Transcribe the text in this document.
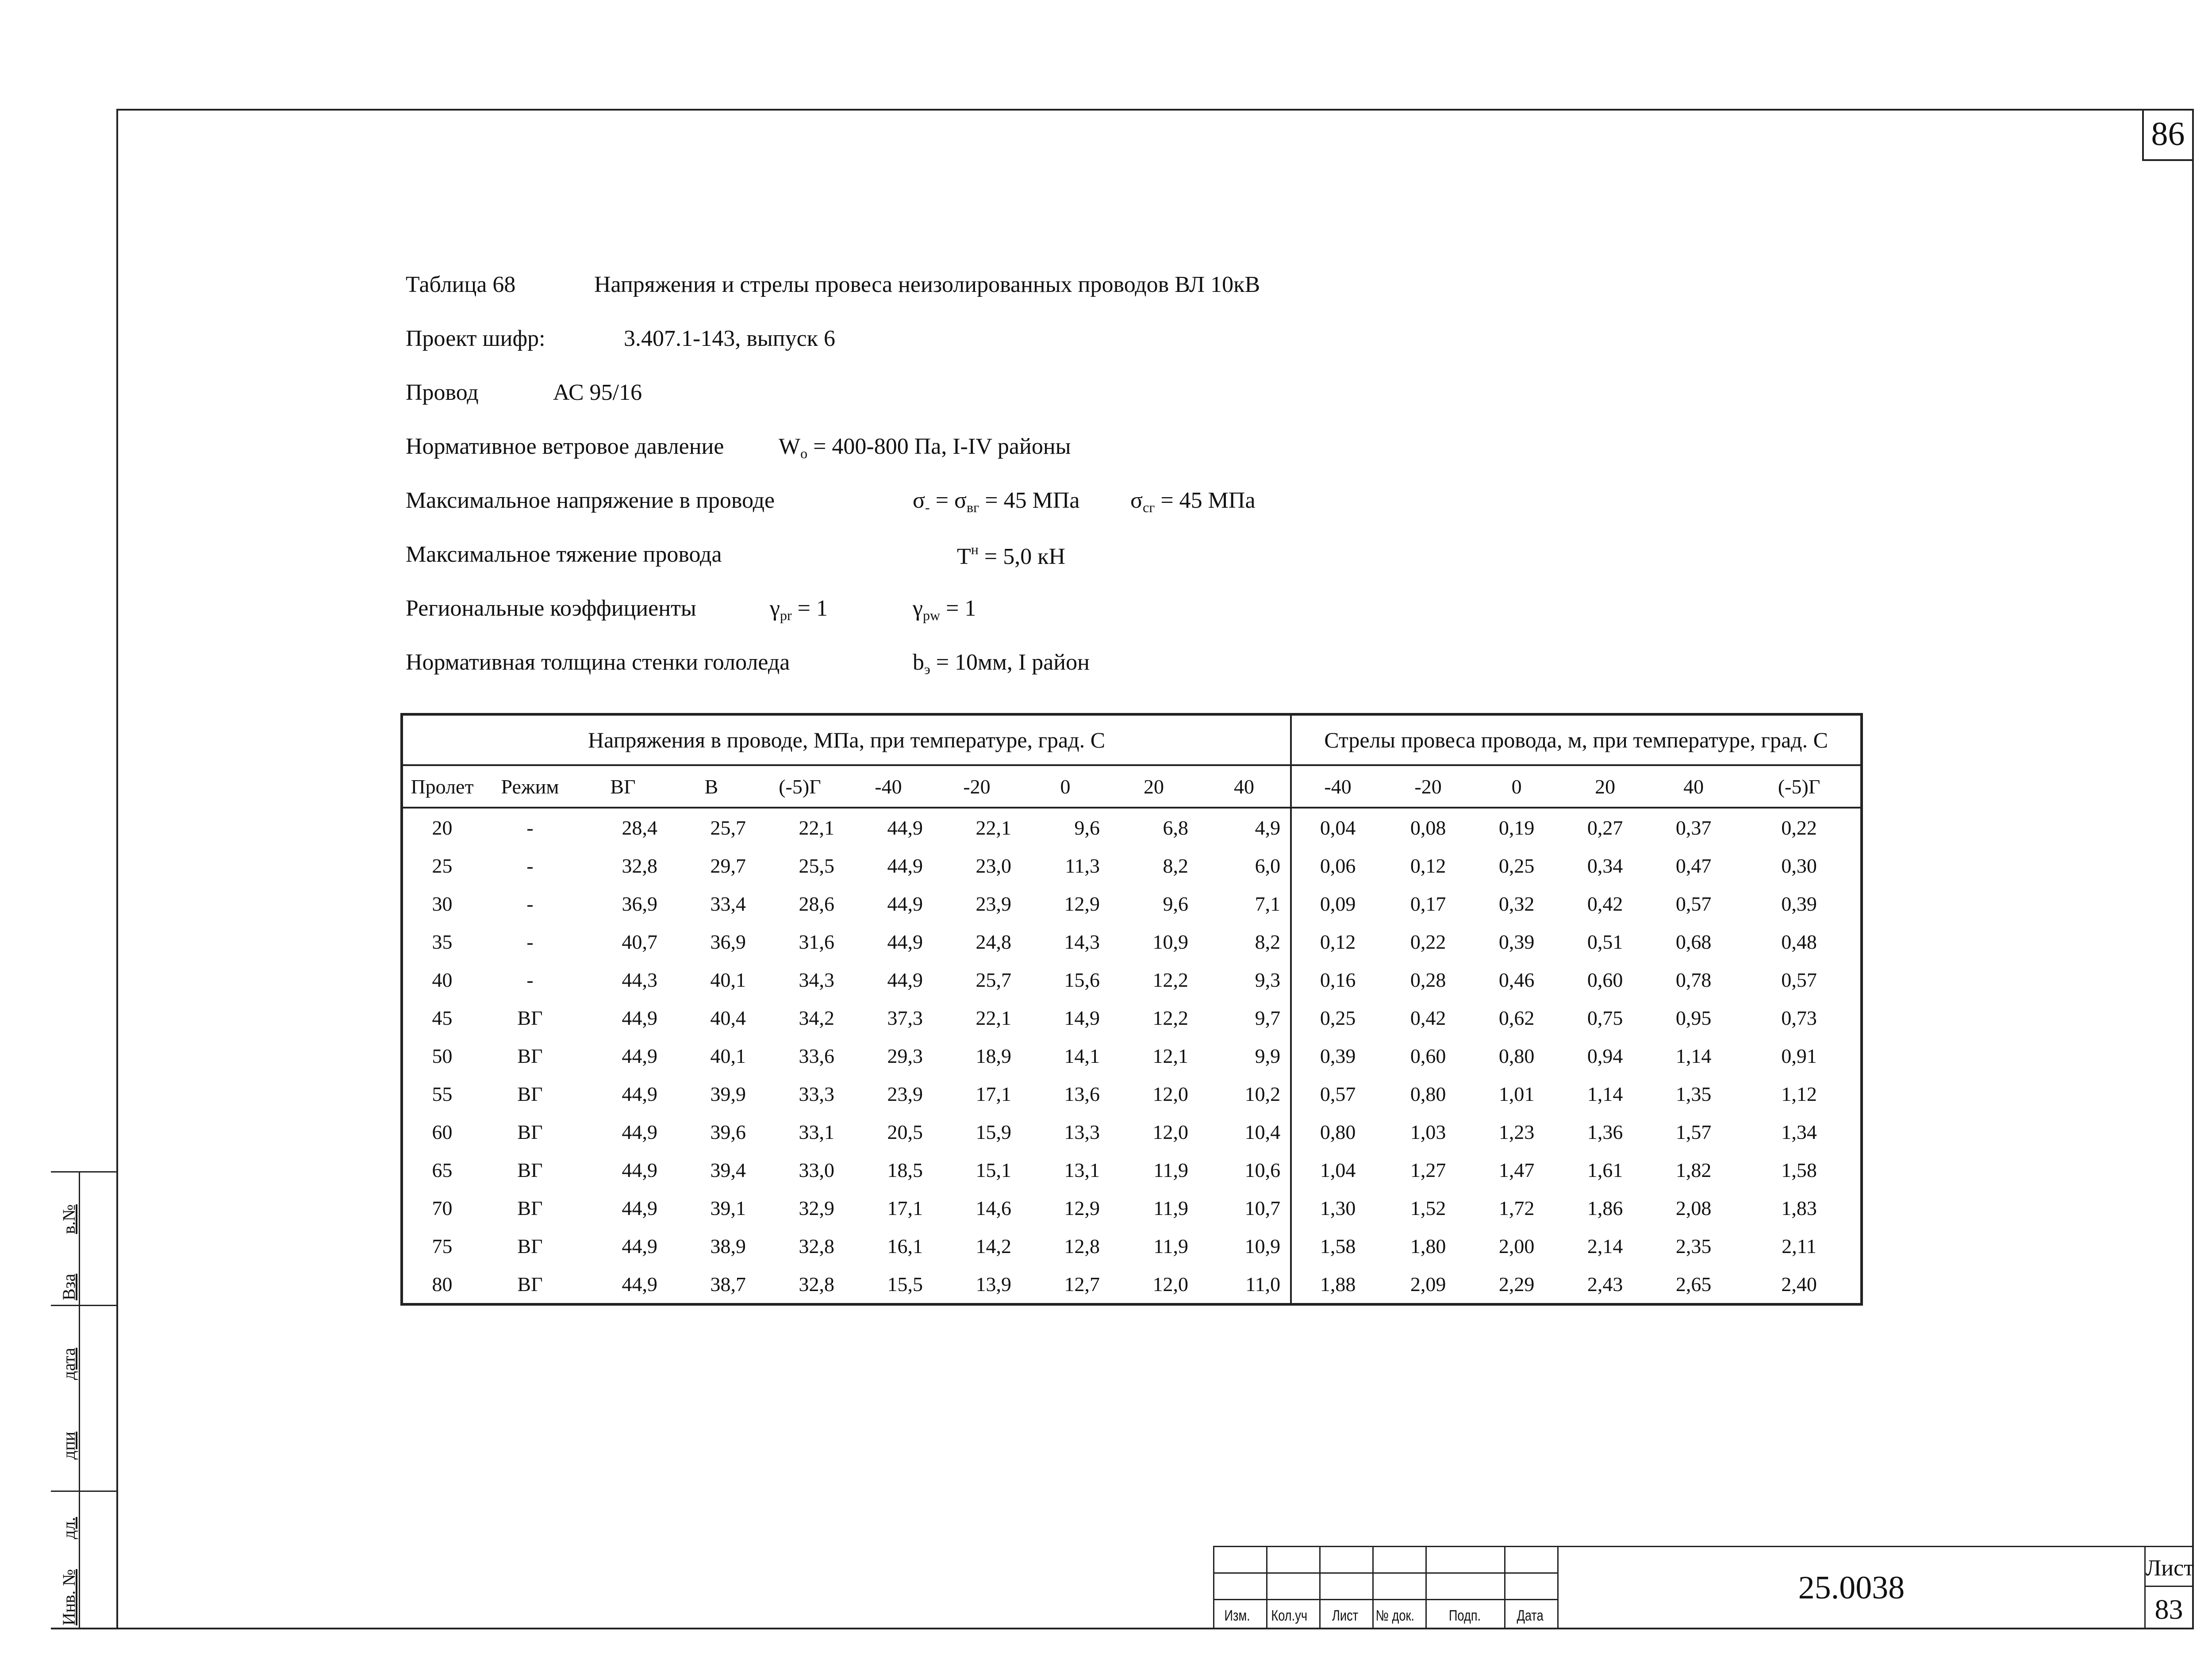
86
Таблица 68	Напряжения и стрелы провеса неизолированных проводов ВЛ 10кВ
Проект шифр:	3.407.1-143, выпуск 6
Провод	АС 95/16
Нормативное ветровое давление $W_o = 400-800$ Па, I-IV районы
Максимальное напряжение в проводе	$\sigma_- = \sigma_{вг} = 45$ МПа $\sigma_{сг} = 45$ МПа
Максимальное тяжение провода	$T^н = 5,0$ кН
Региональные коэффициенты	$\gamma_{pr} = 1$	$\gamma_{pw} = 1$
Нормативная толщина стенки гололеда	$b_э = 10мм$, I район
Напряжения в проводе, МПа, при температуре, град. С										Стрелы провеса провода, м, при температуре, град. С					
Пролет	Режим	ВГ	В	(-5)Г	-40	-20	0	20	40	-40	-20	0	20	40	(-5)Г
20	-	28,4	25,7	22,1	44,9	22,1	9,6	6,8	4,9	0,04	0,08	0,19	0,27	0,37	0,22
25	-	32,8	29,7	25,5	44,9	23,0	11,3	8,2	6,0	0,06	0,12	0,25	0,34	0,47	0,30
30	-	36,9	33,4	28,6	44,9	23,9	12,9	9,6	7,1	0,09	0,17	0,32	0,42	0,57	0,39
35	-	40,7	36,9	31,6	44,9	24,8	14,3	10,9	8,2	0,12	0,22	0,39	0,51	0,68	0,48
40	-	44,3	40,1	34,3	44,9	25,7	15,6	12,2	9,3	0,16	0,28	0,46	0,60	0,78	0,57
45	ВГ	44,9	40,4	34,2	37,3	22,1	14,9	12,2	9,7	0,25	0,42	0,62	0,75	0,95	0,73
50	ВГ	44,9	40,1	33,6	29,3	18,9	14,1	12,1	9,9	0,39	0,60	0,80	0,94	1,14	0,91
55	ВГ	44,9	39,9	33,3	23,9	17,1	13,6	12,0	10,2	0,57	0,80	1,01	1,14	1,35	1,12
60	ВГ	44,9	39,6	33,1	20,5	15,9	13,3	12,0	10,4	0,80	1,03	1,23	1,36	1,57	1,34
65	ВГ	44,9	39,4	33,0	18,5	15,1	13,1	11,9	10,6	1,04	1,27	1,47	1,61	1,82	1,58
70	ВГ	44,9	39,1	32,9	17,1	14,6	12,9	11,9	10,7	1,30	1,52	1,72	1,86	2,08	1,83
75	ВГ	44,9	38,9	32,8	16,1	14,2	12,8	11,9	10,9	1,58	1,80	2,00	2,14	2,35	2,11
80	ВГ	44,9	38,7	32,8	15,5	13,9	12,7	12,0	11,0	1,88	2,09	2,29	2,43	2,65	2,40
в.№
Вза
дата
дпи
дл.
Инв. №	Изм.	Кол.уч	Лист № док.	Подп.	Дата
25.0038
Лист
83
